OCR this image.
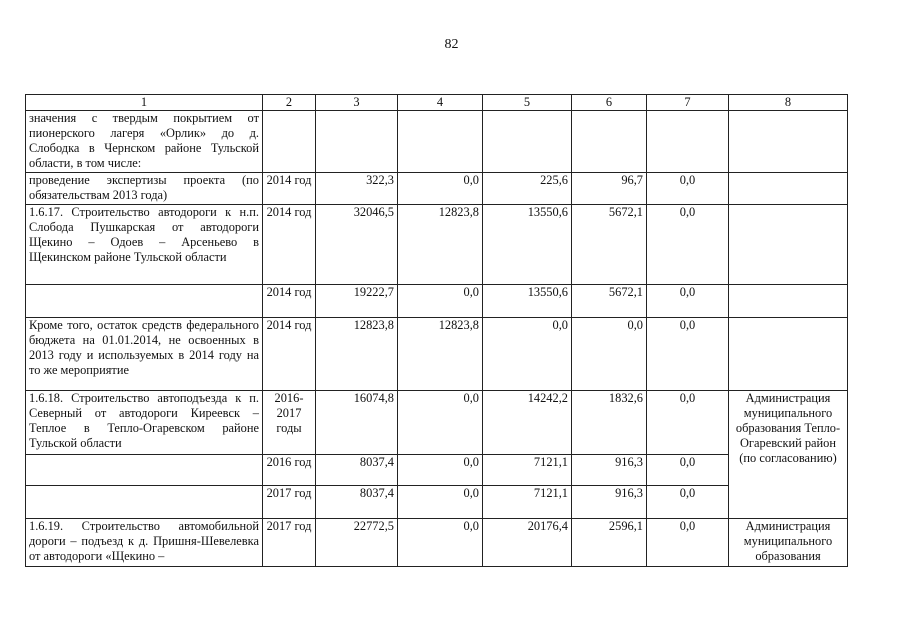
82
1	2	3	4	5	6	7	8
значения с твердым покрытием от пионерского лагеря «Орлик» до д. Слободка в Чернском районе Тульской области, в том числе:							
проведение экспертизы проекта (по обязательствам 2013 года)	2014 год	322,3	0,0	225,6	96,7	0,0	
1.6.17. Строительство автодороги к н.п. Слобода Пушкарская от автодороги Щекино – Одоев – Арсеньево в Щекинском районе Тульской области	2014 год	32046,5	12823,8	13550,6	5672,1	0,0	
	2014 год	19222,7	0,0	13550,6	5672,1	0,0	
Кроме того, остаток средств федерального бюджета на 01.01.2014, не освоенных в 2013 году и используемых в 2014 году на то же мероприятие	2014 год	12823,8	12823,8	0,0	0,0	0,0	
1.6.18. Строительство автоподъезда к п. Северный от автодороги Киреевск – Теплое в Тепло-Огаревском районе Тульской области	2016-2017 годы	16074,8	0,0	14242,2	1832,6	0,0	Администрация муниципального образования Тепло-Огаревский район (по согласованию)
	2016 год	8037,4	0,0	7121,1	916,3	0,0	
	2017 год	8037,4	0,0	7121,1	916,3	0,0	
1.6.19. Строительство автомобильной дороги – подъезд к д. Пришня-Шевелевка от автодороги «Щекино –	2017 год	22772,5	0,0	20176,4	2596,1	0,0	Администрация муниципального образования
